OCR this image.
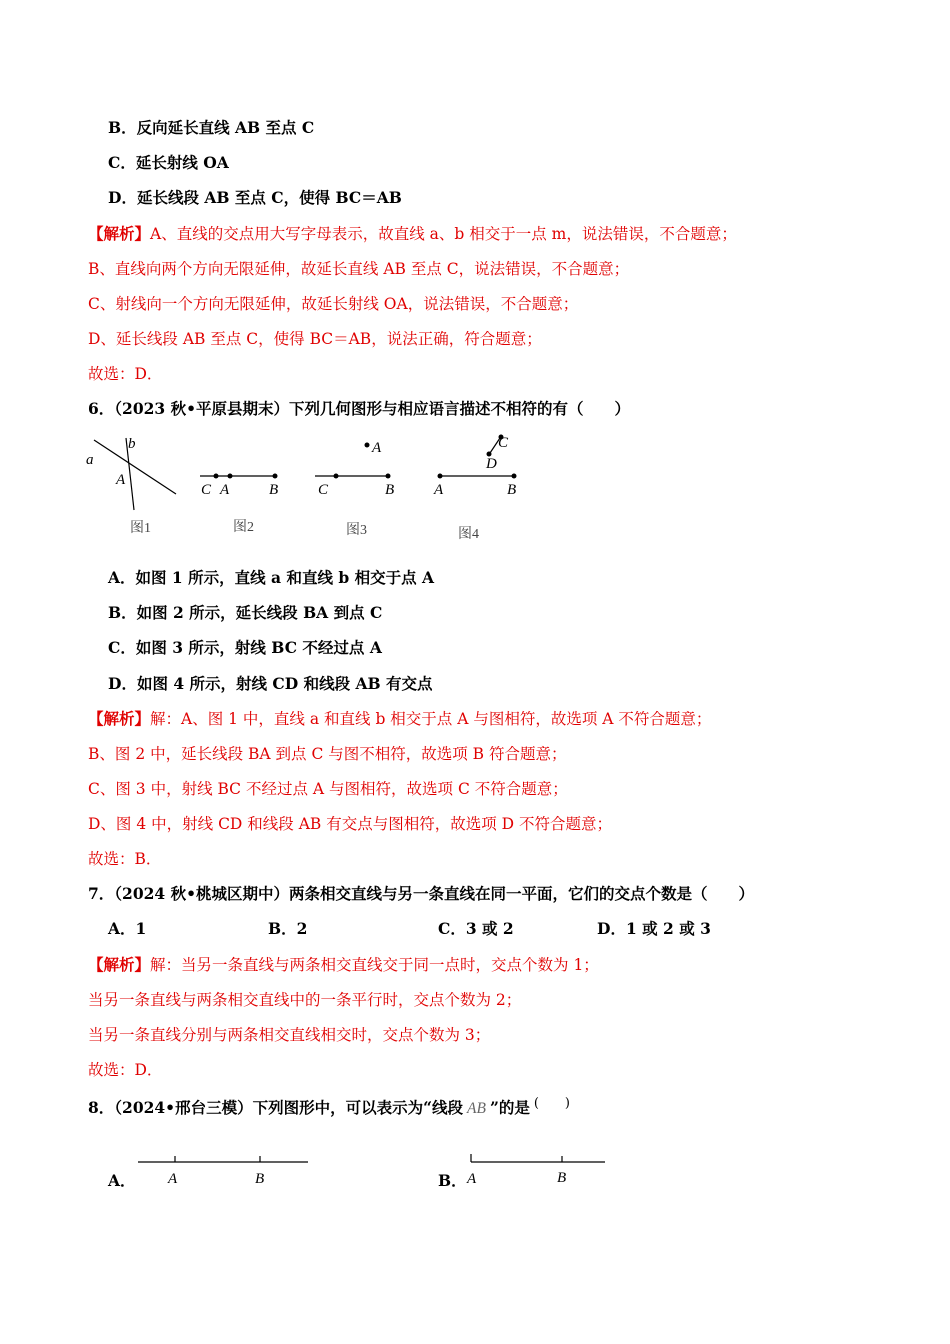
B．反向延长直线 AB 至点 C
C．延长射线 OA
D．延长线段 AB 至点 C，使得 BC＝AB
【解析】A、直线的交点用大写字母表示，故直线 a、b 相交于一点 m，说法错误，不合题意；
B、直线向两个方向无限延伸，故延长直线 AB 至点 C，说法错误，不合题意；
C、射线向一个方向无限延伸，故延长射线 OA，说法错误，不合题意；
D、延长线段 AB 至点 C，使得 BC＝AB，说法正确，符合题意；
故选：D．
6．（2023 秋•平原县期末）下列几何图形与相应语言描述不相符的有（　　）
a
b
A
图1
C A	B
图2
A
C	B
图3
C
D
A	B
图4
A．如图 1 所示，直线 a 和直线 b 相交于点 A
B．如图 2 所示，延长线段 BA 到点 C
C．如图 3 所示，射线 BC 不经过点 A
D．如图 4 所示，射线 CD 和线段 AB 有交点
【解析】解：A、图 1 中，直线 a 和直线 b 相交于点 A 与图相符，故选项 A 不符合题意；
B、图 2 中，延长线段 BA 到点 C 与图不相符，故选项 B 符合题意；
C、图 3 中，射线 BC 不经过点 A 与图相符，故选项 C 不符合题意；
D、图 4 中，射线 CD 和线段 AB 有交点与图相符，故选项 D 不符合题意；
故选：B．
7．（2024 秋•桃城区期中）两条相交直线与另一条直线在同一平面，它们的交点个数是（　　）
A．1	B．2	C．3 或 2	D．1 或 2 或 3
【解析】解：当另一条直线与两条相交直线交于同一点时，交点个数为 1；
当另一条直线与两条相交直线中的一条平行时，交点个数为 2；
当另一条直线分别与两条相交直线相交时，交点个数为 3；
故选：D．
8．（2024•邢台三模）下列图形中，可以表示为“线段 AB ”的是 (　　)
A． A	B	B． A	B
